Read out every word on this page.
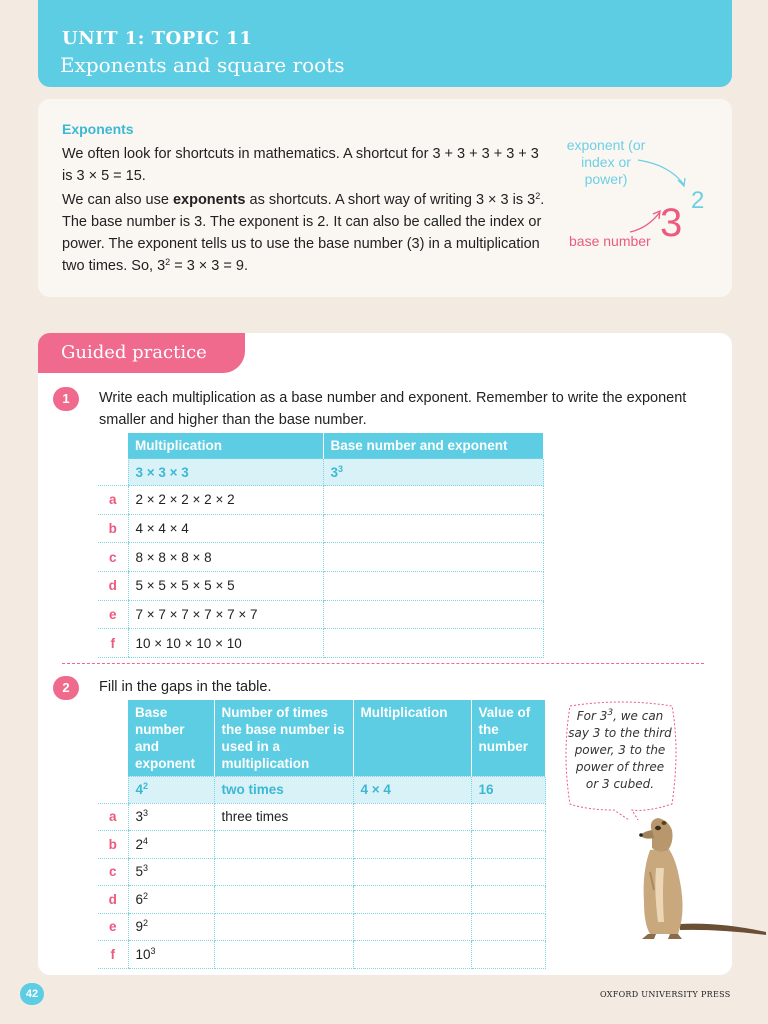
UNIT 1: TOPIC 11
Exponents and square roots
Exponents

We often look for shortcuts in mathematics. A shortcut for 3 + 3 + 3 + 3 + 3 is 3 × 5 = 15.

We can also use exponents as shortcuts. A short way of writing 3 × 3 is $3^2$. The base number is 3. The exponent is 2. It can also be called the index or power. The exponent tells us to use the base number (3) in a multiplication two times. So, $3^2 = 3 \times 3 = 9$.

exponent (or index or power)
base number 3
2
Guided practice
1	Write each multiplication as a base number and exponent. Remember to write the exponent smaller and higher than the base number.
	Multiplication	Base number and exponent
	3 × 3 × 3	$3^3$
a	2 × 2 × 2 × 2 × 2	
b	4 × 4 × 4	
c	8 × 8 × 8 × 8	
d	5 × 5 × 5 × 5 × 5	
e	7 × 7 × 7 × 7 × 7 × 7	
f	10 × 10 × 10 × 10	
2	Fill in the gaps in the table.
	Base number and exponent	Number of times the base number is used in a multiplication	Multiplication	Value of the number
	$4^2$	two times	4 × 4	16
a	$3^3$	three times		
b	$2^4$			
c	$5^3$			
d	$6^2$			
e	$9^2$			
f	$10^3$			
For $3^3$, we can say 3 to the third power, 3 to the power of three or 3 cubed.
42	OXFORD UNIVERSITY PRESS
